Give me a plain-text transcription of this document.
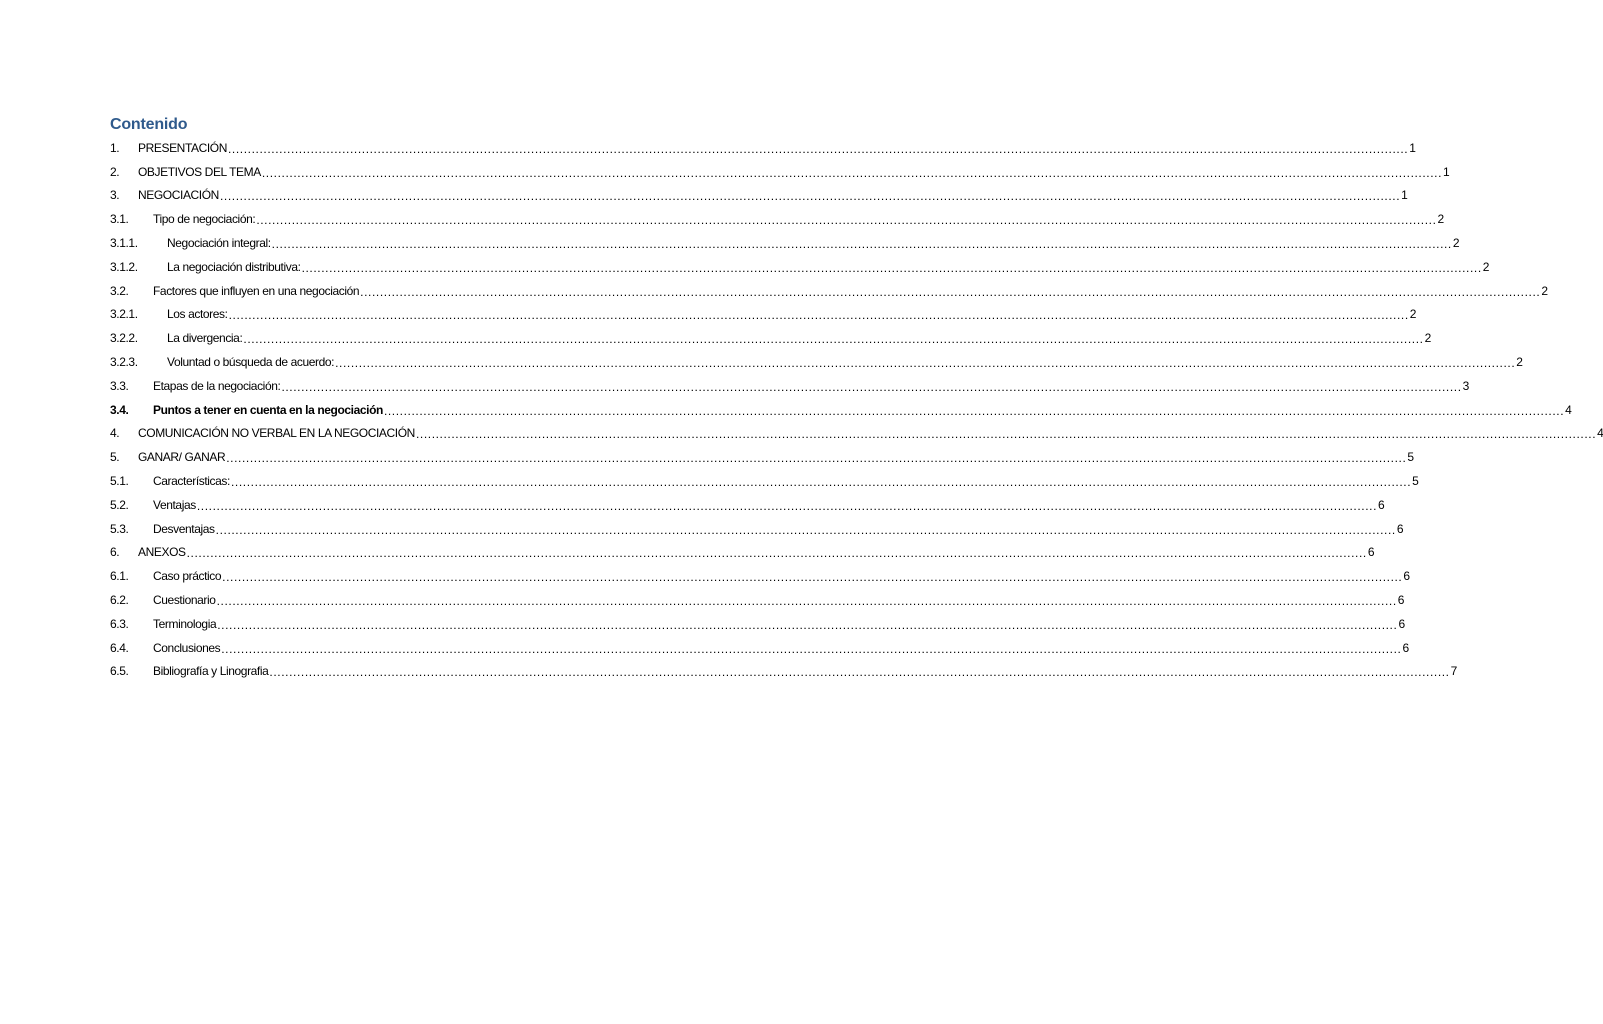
Contenido
1.	PRESENTACIÓN ............................................................................................................................................................................................................................................................................................................ 1
2.	OBJETIVOS DEL TEMA ............................................................................................................................................................................................................................................................................................................ 1
3.	NEGOCIACIÓN ............................................................................................................................................................................................................................................................................................................ 1
3.1.	Tipo de negociación: ............................................................................................................................................................................................................................................................................................................ 2
3.1.1.	Negociación integral: ............................................................................................................................................................................................................................................................................................................ 2
3.1.2.	La negociación distributiva: ............................................................................................................................................................................................................................................................................................................ 2
3.2.	Factores que influyen en una negociación ............................................................................................................................................................................................................................................................................................................ 2
3.2.1.	Los actores: ............................................................................................................................................................................................................................................................................................................ 2
3.2.2.	La divergencia: ............................................................................................................................................................................................................................................................................................................ 2
3.2.3.	Voluntad o búsqueda de acuerdo: ............................................................................................................................................................................................................................................................................................................ 2
3.3.	Etapas de la negociación: ............................................................................................................................................................................................................................................................................................................ 3
3.4.	Puntos a tener en cuenta en la negociación ............................................................................................................................................................................................................................................................................................................ 4
4.	COMUNICACIÓN NO VERBAL EN LA NEGOCIACIÓN ............................................................................................................................................................................................................................................................................................................ 4
5.	GANAR/ GANAR ............................................................................................................................................................................................................................................................................................................ 5
5.1.	Características: ............................................................................................................................................................................................................................................................................................................ 5
5.2.	Ventajas ............................................................................................................................................................................................................................................................................................................ 6
5.3.	Desventajas ............................................................................................................................................................................................................................................................................................................ 6
6.	ANEXOS ............................................................................................................................................................................................................................................................................................................ 6
6.1.	Caso práctico ............................................................................................................................................................................................................................................................................................................ 6
6.2.	Cuestionario ............................................................................................................................................................................................................................................................................................................ 6
6.3.	Terminologia ............................................................................................................................................................................................................................................................................................................ 6
6.4.	Conclusiones ............................................................................................................................................................................................................................................................................................................ 6
6.5.	Bibliografía y Linografia ............................................................................................................................................................................................................................................................................................................ 7
